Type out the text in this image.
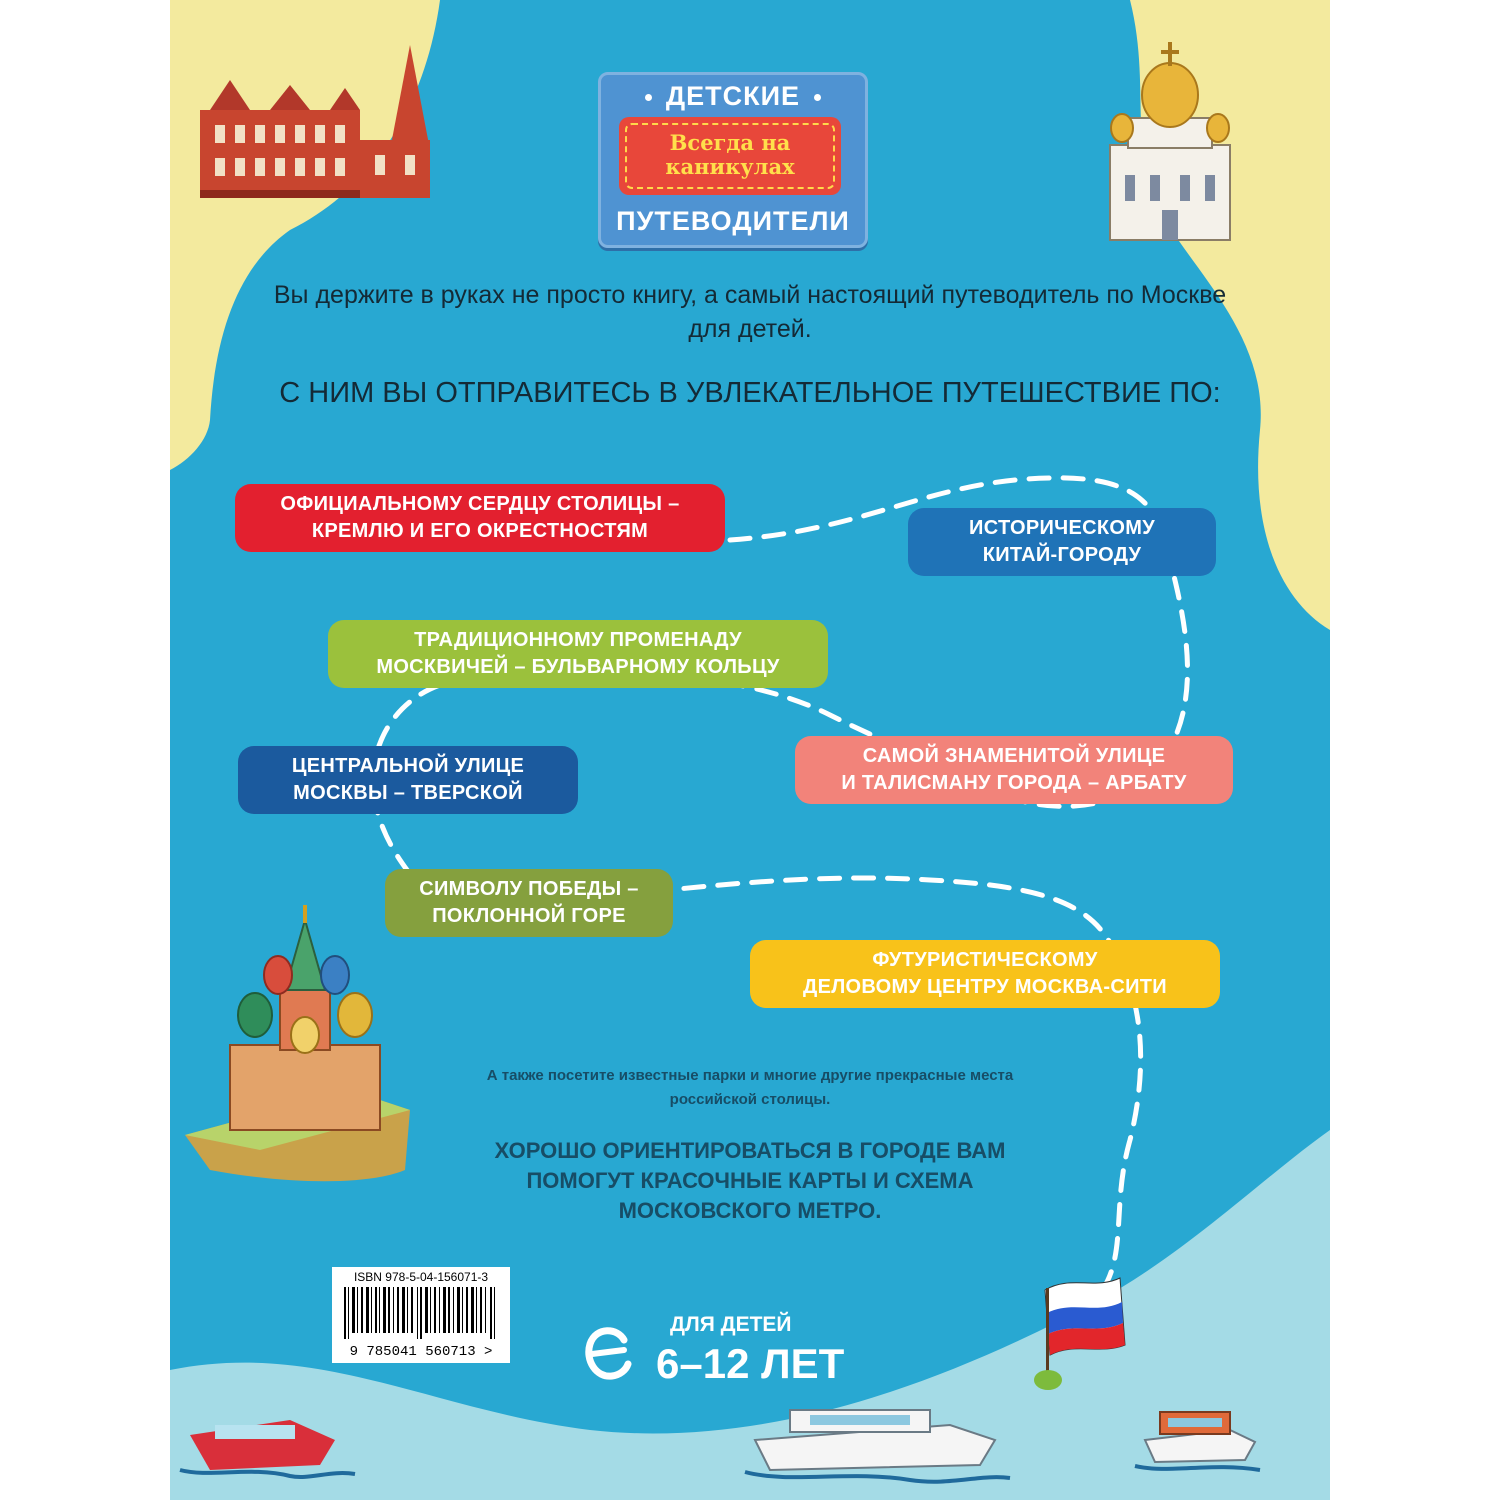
ДЕТСКИЕ
Всегда на каникулах
ПУТЕВОДИТЕЛИ
Вы держите в руках не просто книгу, а самый настоящий путеводитель по Москве для детей.
С НИМ ВЫ ОТПРАВИТЕСЬ В УВЛЕКАТЕЛЬНОЕ ПУТЕШЕСТВИЕ ПО:
ОФИЦИАЛЬНОМУ СЕРДЦУ СТОЛИЦЫ –
КРЕМЛЮ И ЕГО ОКРЕСТНОСТЯМ	ИСТОРИЧЕСКОМУ
КИТАЙ-ГОРОДУ
ТРАДИЦИОННОМУ ПРОМЕНАДУ
МОСКВИЧЕЙ – БУЛЬВАРНОМУ КОЛЬЦУ
ЦЕНТРАЛЬНОЙ УЛИЦЕ
МОСКВЫ – ТВЕРСКОЙ
САМОЙ ЗНАМЕНИТОЙ УЛИЦЕ
И ТАЛИСМАНУ ГОРОДА – АРБАТУ
СИМВОЛУ ПОБЕДЫ –
ПОКЛОННОЙ ГОРЕ
ФУТУРИСТИЧЕСКОМУ
ДЕЛОВОМУ ЦЕНТРУ МОСКВА-СИТИ
А также посетите известные парки и многие другие прекрасные места российской столицы.
ХОРОШО ОРИЕНТИРОВАТЬСЯ В ГОРОДЕ ВАМ ПОМОГУТ КРАСОЧНЫЕ КАРТЫ И СХЕМА МОСКОВСКОГО МЕТРО.
ISBN 978-5-04-156071-3
9 785041 560713 >
ДЛЯ ДЕТЕЙ
6–12 ЛЕТ
